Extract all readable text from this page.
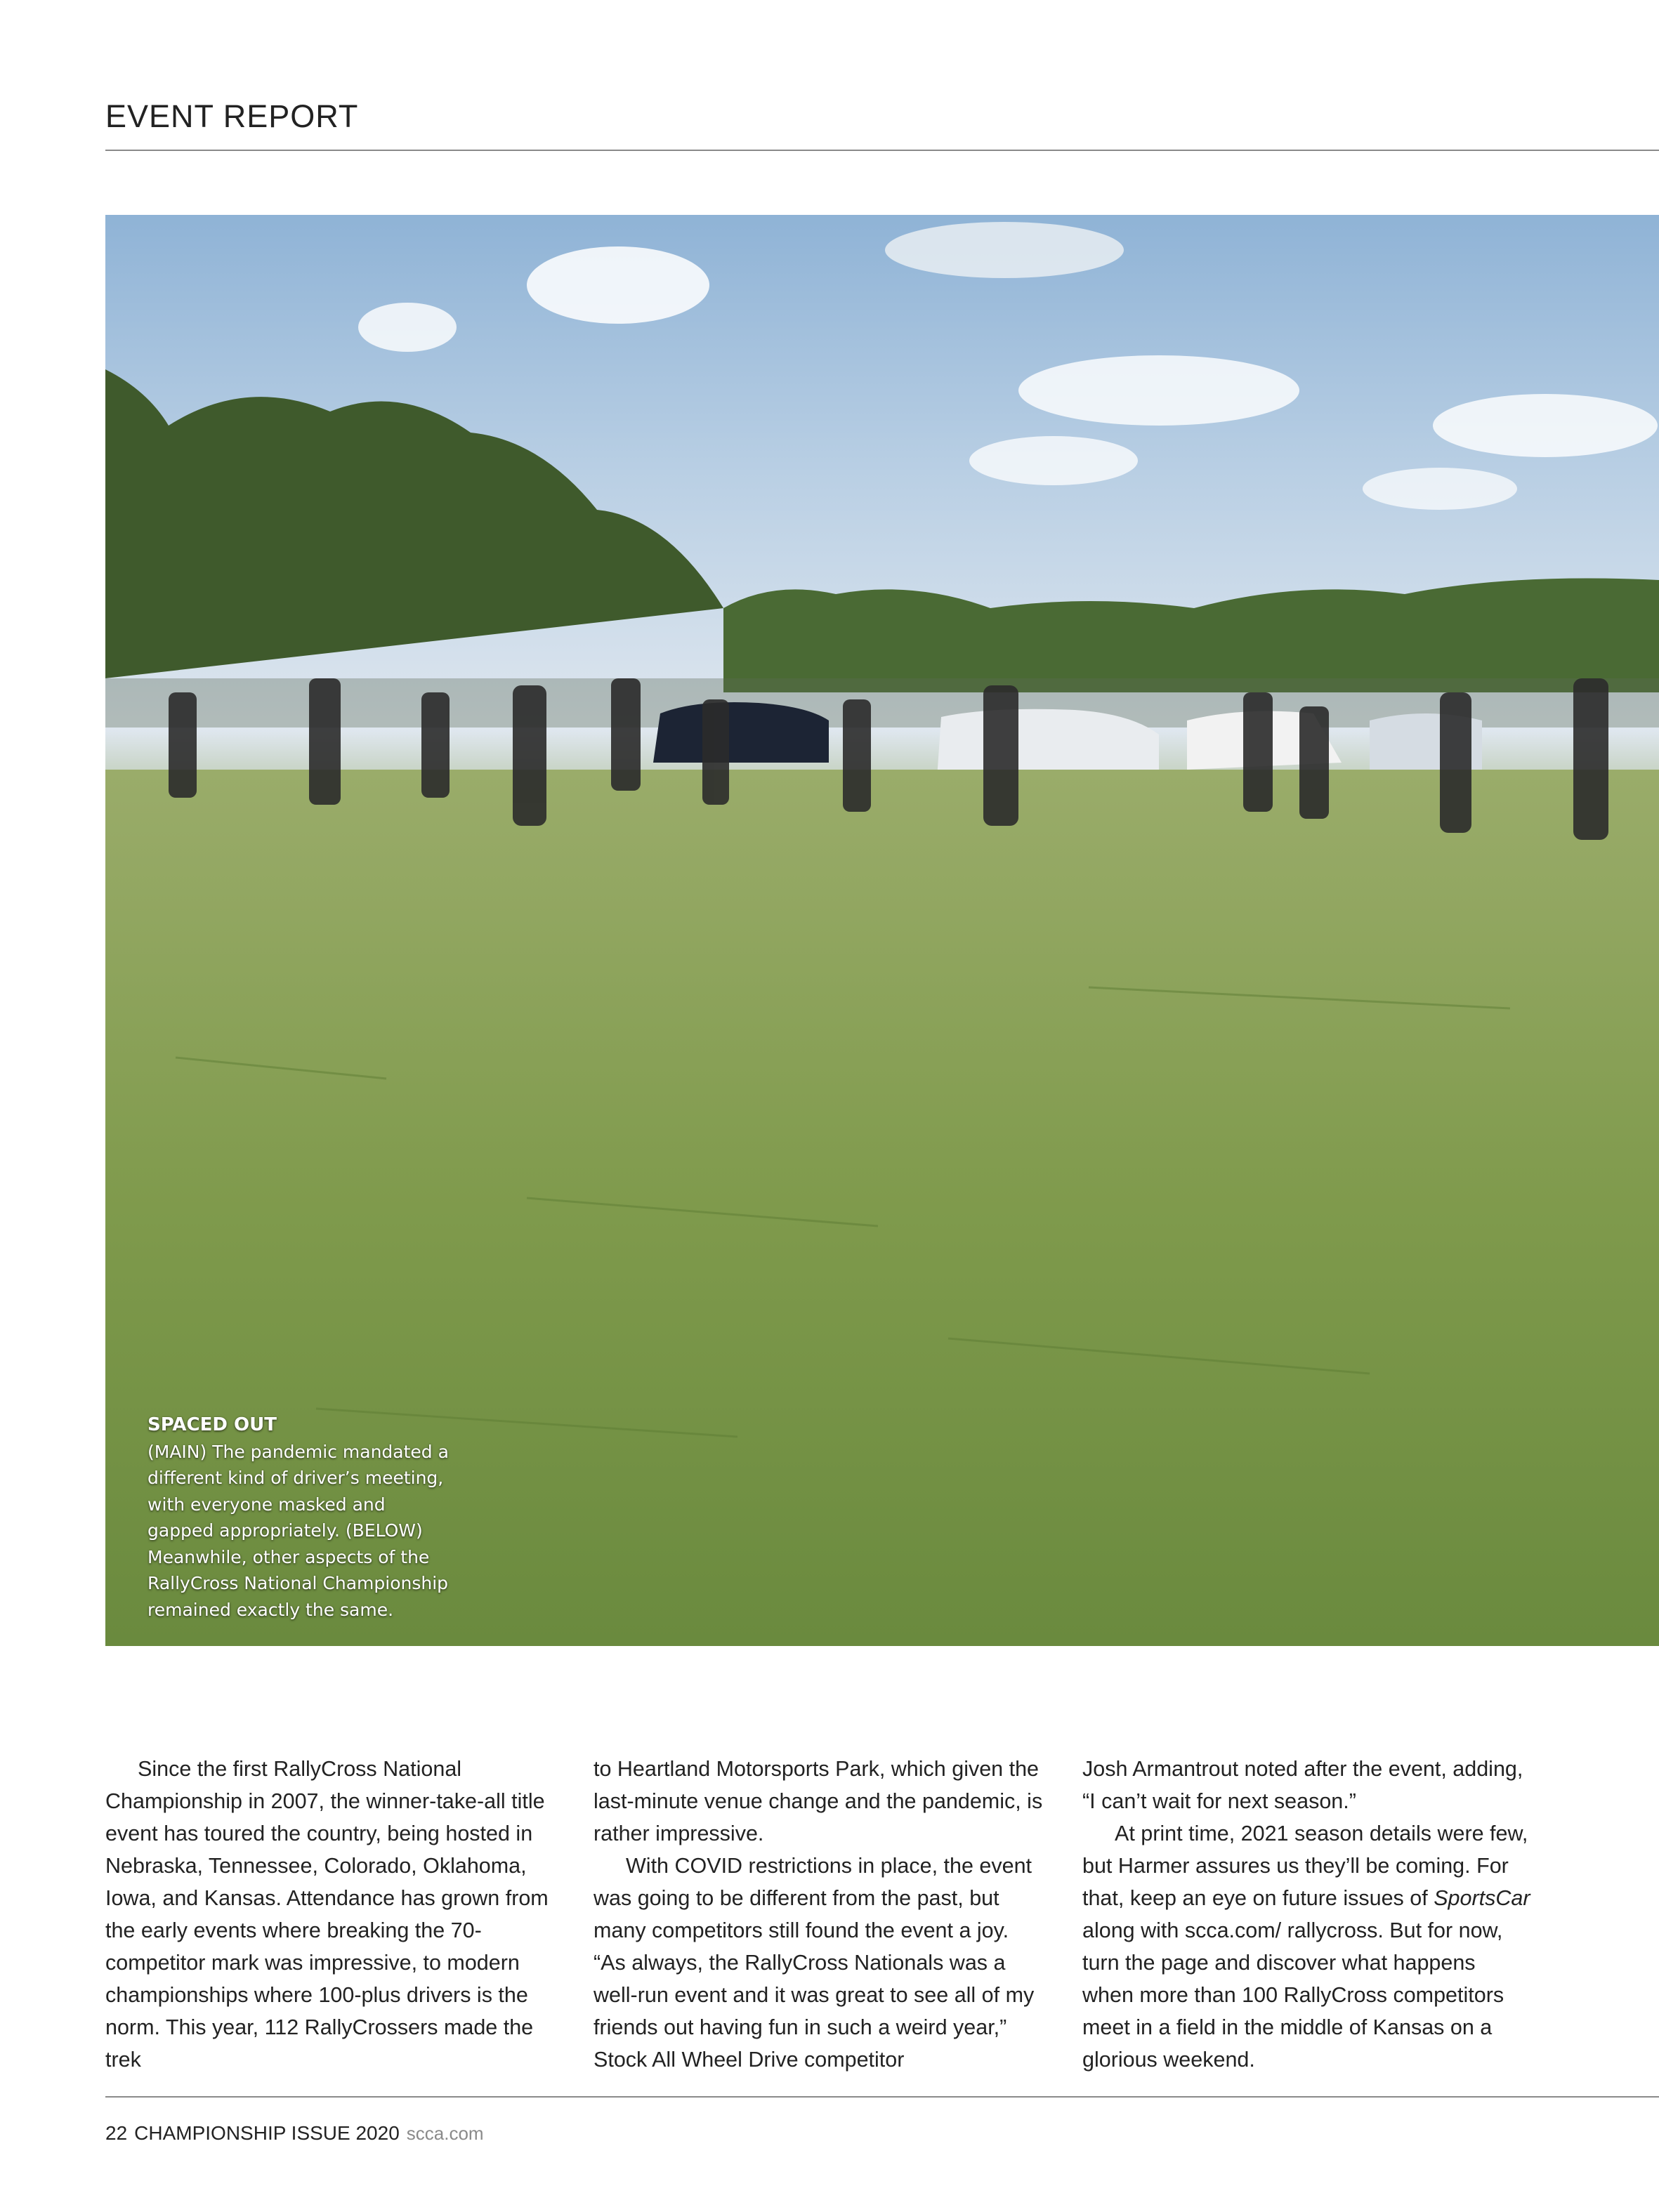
EVENT REPORT
SPACED OUT
(MAIN) The pandemic mandated a different kind of driver’s meeting, with everyone masked and gapped appropriately. (BELOW) Meanwhile, other aspects of the RallyCross National Championship remained exactly the same.

Since the first RallyCross National Championship in 2007, the winner-take-all title event has toured the country, being hosted in Nebraska, Tennessee, Colorado, Oklahoma, Iowa, and Kansas. Attendance has grown from the early events where breaking the 70-competitor mark was impressive, to modern championships where 100-plus drivers is the norm. This year, 112 RallyCrossers made the trek

to Heartland Motorsports Park, which given the last-minute venue change and the pandemic, is rather impressive.

With COVID restrictions in place, the event was going to be different from the past, but many competitors still found the event a joy. “As always, the RallyCross Nationals was a well-run event and it was great to see all of my friends out having fun in such a weird year,” Stock All Wheel Drive competitor

Josh Armantrout noted after the event, adding, “I can’t wait for next season.”

At print time, 2021 season details were few, but Harmer assures us they’ll be coming. For that, keep an eye on future issues of SportsCar along with scca.com/ rallycross. But for now, turn the page and discover what happens when more than 100 RallyCross competitors meet in a field in the middle of Kansas on a glorious weekend.

22 CHAMPIONSHIP ISSUE 2020 scca.com
